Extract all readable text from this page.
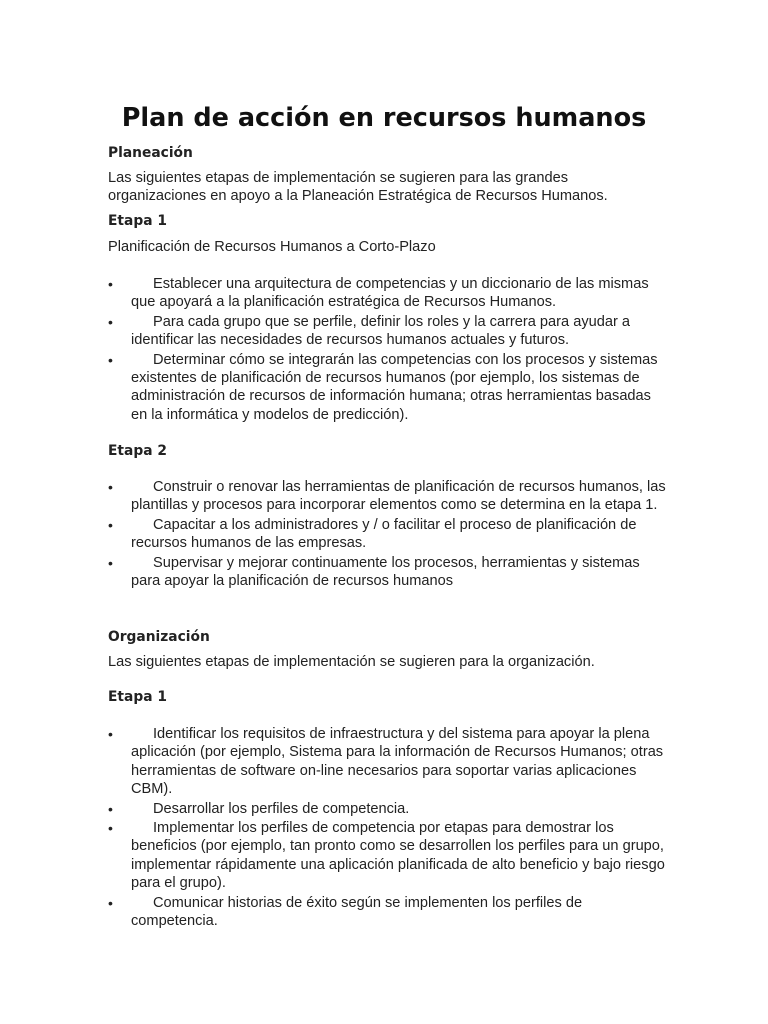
Plan de acción en recursos humanos
Planeación

Las siguientes etapas de implementación se sugieren para las grandes organizaciones en apoyo a la Planeación Estratégica de Recursos Humanos.

Etapa 1

Planificación de Recursos Humanos a Corto-Plazo

• Establecer una arquitectura de competencias y un diccionario de las mismas que apoyará a la planificación estratégica de Recursos Humanos.
• Para cada grupo que se perfile, definir los roles y la carrera para ayudar a identificar las necesidades de recursos humanos actuales y futuros.
• Determinar cómo se integrarán las competencias con los procesos y sistemas existentes de planificación de recursos humanos (por ejemplo, los sistemas de administración de recursos de información humana; otras herramientas basadas en la informática y modelos de predicción).
Etapa 2
• Construir o renovar las herramientas de planificación de recursos humanos, las plantillas y procesos para incorporar elementos como se determina en la etapa 1.
• Capacitar a los administradores y / o facilitar el proceso de planificación de recursos humanos de las empresas.
• Supervisar y mejorar continuamente los procesos, herramientas y sistemas para apoyar la planificación de recursos humanos
Organización

Las siguientes etapas de implementación se sugieren para la organización.

Etapa 1
• Identificar los requisitos de infraestructura y del sistema para apoyar la plena aplicación (por ejemplo, Sistema para la información de Recursos Humanos; otras herramientas de software on-line necesarios para soportar varias aplicaciones CBM).
• Desarrollar los perfiles de competencia.
• Implementar los perfiles de competencia por etapas para demostrar los beneficios (por ejemplo, tan pronto como se desarrollen los perfiles para un grupo, implementar rápidamente una aplicación planificada de alto beneficio y bajo riesgo para el grupo).
• Comunicar historias de éxito según se implementen los perfiles de competencia.
